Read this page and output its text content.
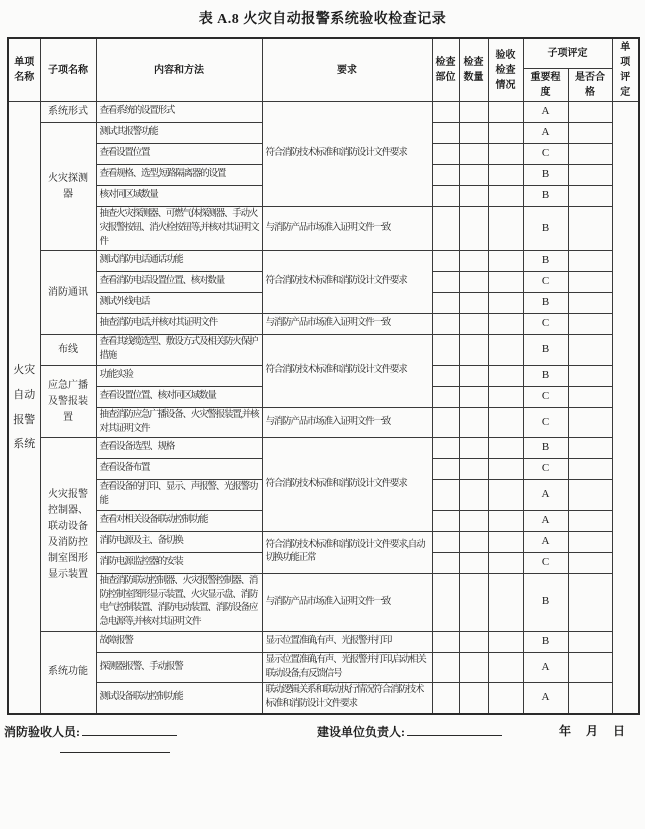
表 A.8 火灾自动报警系统验收检查记录
单项名称	子项名称	内容和方法	要求	检查部位	检查数量	验收检查情况	子项评定		单项评定
							重要程度	是否合格	
火灾自动报警系统	系统形式	查看系统的设置形式	符合消防技术标准和消防设计文件要求				A		
	火灾探测器	测试其报警功能					A		
		查看设置位置					C		
		查看规格、选型,短路隔离器的设置					B		
		核对同区域数量					B		
		抽查火灾探测器、可燃气体探测器、手动火灾报警按钮、消火栓按钮等,并核对其证明文件	与消防产品市场准入证明文件一致				B		
	消防通讯	测试消防电话通话功能	符合消防技术标准和消防设计文件要求				B		
		查看消防电话设置位置、核对数量					C		
		测试外线电话					B		
		抽查消防电话,并核对其证明文件	与消防产品市场准入证明文件一致				C		
	布线	查看其线缆选型、敷设方式及相关防火保护措施	符合消防技术标准和消防设计文件要求				B		
	应急广播及警报装置	功能实验					B		
		查看设置位置、核对同区域数量					C		
		抽查消防应急广播设备、火灾警报装置,并核对其证明文件	与消防产品市场准入证明文件一致				C		
	火灾报警控制器、联动设备及消防控制室图形显示装置	查看设备选型、规格	符合消防技术标准和消防设计文件要求				B		
		查看设备布置					C		
		查看设备的打印、显示、声报警、光报警功能					A		
		查看对相关设备联动控制功能					A		
		消防电源及主、备切换	符合消防技术标准和消防设计文件要求,自动切换功能正常				A		
		消防电源监控器的安装					C		
		抽查消防联动控制器、火灾报警控制器、消防控制室图形显示装置、火灾显示盘、消防电气控制装置、消防电动装置、消防设备应急电源等,并核对其证明文件	与消防产品市场准入证明文件一致				B		
	系统功能	故障报警	显示位置准确,有声、光报警并打印				B		
		探测器报警、手动报警	显示位置准确,有声、光报警并打印,启动相关联动设备,有反馈信号				A		
		测试设备联动控制功能	联动逻辑关系和联动执行情况符合消防技术标准和消防设计文件要求				A		
消防验收人员:	建设单位负责人:	年 月 日
